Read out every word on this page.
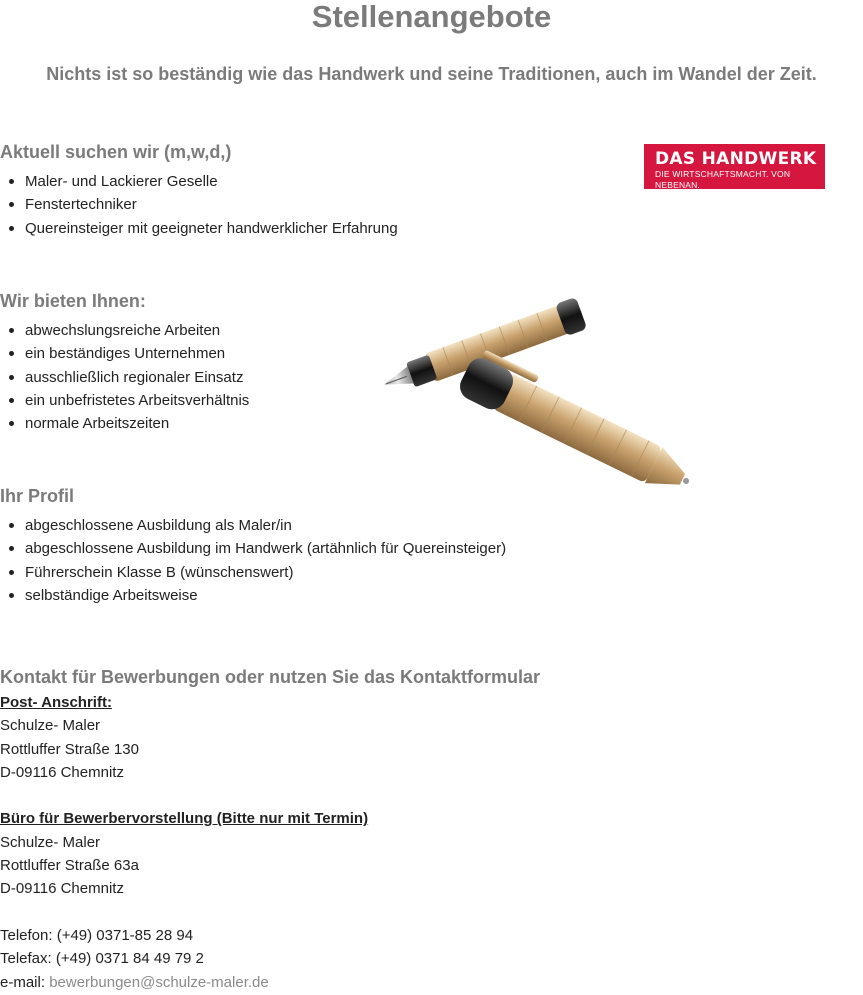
Stellenangebote

Nichts ist so beständig wie das Handwerk und seine Traditionen, auch im Wandel der Zeit.

DAS HANDWERK
DIE WIRTSCHAFTSMACHT. VON NEBENAN.
Aktuell suchen wir (m,w,d,)
Maler- und Lackierer Geselle
Fenstertechniker
Quereinsteiger mit geeigneter handwerklicher Erfahrung
Wir bieten Ihnen:
abwechslungsreiche Arbeiten
ein beständiges Unternehmen
ausschließlich regionaler Einsatz
ein unbefristetes Arbeitsverhältnis
normale Arbeitszeiten
Ihr Profil
abgeschlossene Ausbildung als Maler/in
abgeschlossene Ausbildung im Handwerk (artähnlich für Quereinsteiger)
Führerschein Klasse B (wünschenswert)
selbständige Arbeitsweise
Kontakt für Bewerbungen oder nutzen Sie das Kontaktformular
Post- Anschrift:
Schulze- Maler
Rottluffer Straße 130
D-09116 Chemnitz
Büro für Bewerbervorstellung (Bitte nur mit Termin)
Schulze- Maler
Rottluffer Straße 63a
D-09116 Chemnitz
Telefon: (+49) 0371-85 28 94
Telefax: (+49) 0371 84 49 79 2
e-mail: bewerbungen@schulze-maler.de
